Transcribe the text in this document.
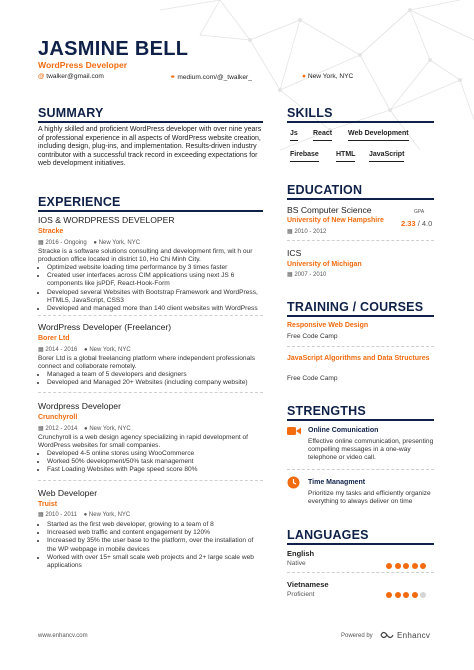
JASMINE BELL
WordPress Developer
@ twalker@gmail.com	⚭ medium.com/@_twalker_	● New York, NYC
SUMMARY
A highly skilled and proficient WordPress developer with over nine years of professional experience in all aspects of WordPress website creation, including design, plug-ins, and implementation. Results-driven industry contributor with a successful track record in exceeding expectations for web development initiatives.
EXPERIENCE
IOS & WORDPRESS DEVELOPER
Stracke
▦ 2016 - Ongoing ● New York, NYC
Stracke is a software solutions consulting and development firm, wit h our production office located in district 10, Ho Chi Minh City.
• Optimized website loading time performance by 3 times faster
• Created user interfaces across CIM applications using next JS 6 components like jsPDF, React-Hook-Form
• Developed several Websites with Bootstrap Framework and WordPress, HTML5, JavaScript, CSS3
• Developed and managed more than 140 client websites with WordPress
WordPress Developer (Freelancer)
Borer Ltd
▦ 2014 - 2016 ● New York, NYC
Borer Ltd is a global freelancing platform where independent professionals connect and collaborate remotely.
• Managed a team of 5 developers and designers
• Developed and Managed 20+ Websites (including company website)
Wordpress Developer
Crunchyroll
▦ 2012 - 2014 ● New York, NYC
Crunchyroll is a web design agency specializing in rapid development of WordPress websites for small companies.
• Developed 4-5 online stores using WooCommerce
• Worked 50% development/50% task management
• Fast Loading Websites with Page speed score 80%
Web Developer
Truist
▦ 2010 - 2011 ● New York, NYC
• Started as the first web developer, growing to a team of 8
• Increased web traffic and content engagement by 120%
• Increased by 35% the user base to the platform, over the installation of the WP webpage in mobile devices
• Worked with over 15+ small scale web projects and 2+ large scale web applications
SKILLS
Js React Web Development
Firebase HTML JavaScript
EDUCATION
BS Computer Science
University of New Hampshire
▦ 2010 - 2012
GPA
2.33 / 4.0
ICS
University of Michigan
▦ 2007 - 2010
TRAINING / COURSES
Responsive Web Design
Free Code Camp
JavaScript Algorithms and Data Structures
Free Code Camp
STRENGTHS
Online Comunication
Effective online communication, presenting compelling messages in a one-way telephone or video call.
Time Managment
Prioritize my tasks and efficiently organize everything to always deliver on time
LANGUAGES
English
Native
Vietnamese
Proficient
www.enhancv.com	Powered by	Enhancv
